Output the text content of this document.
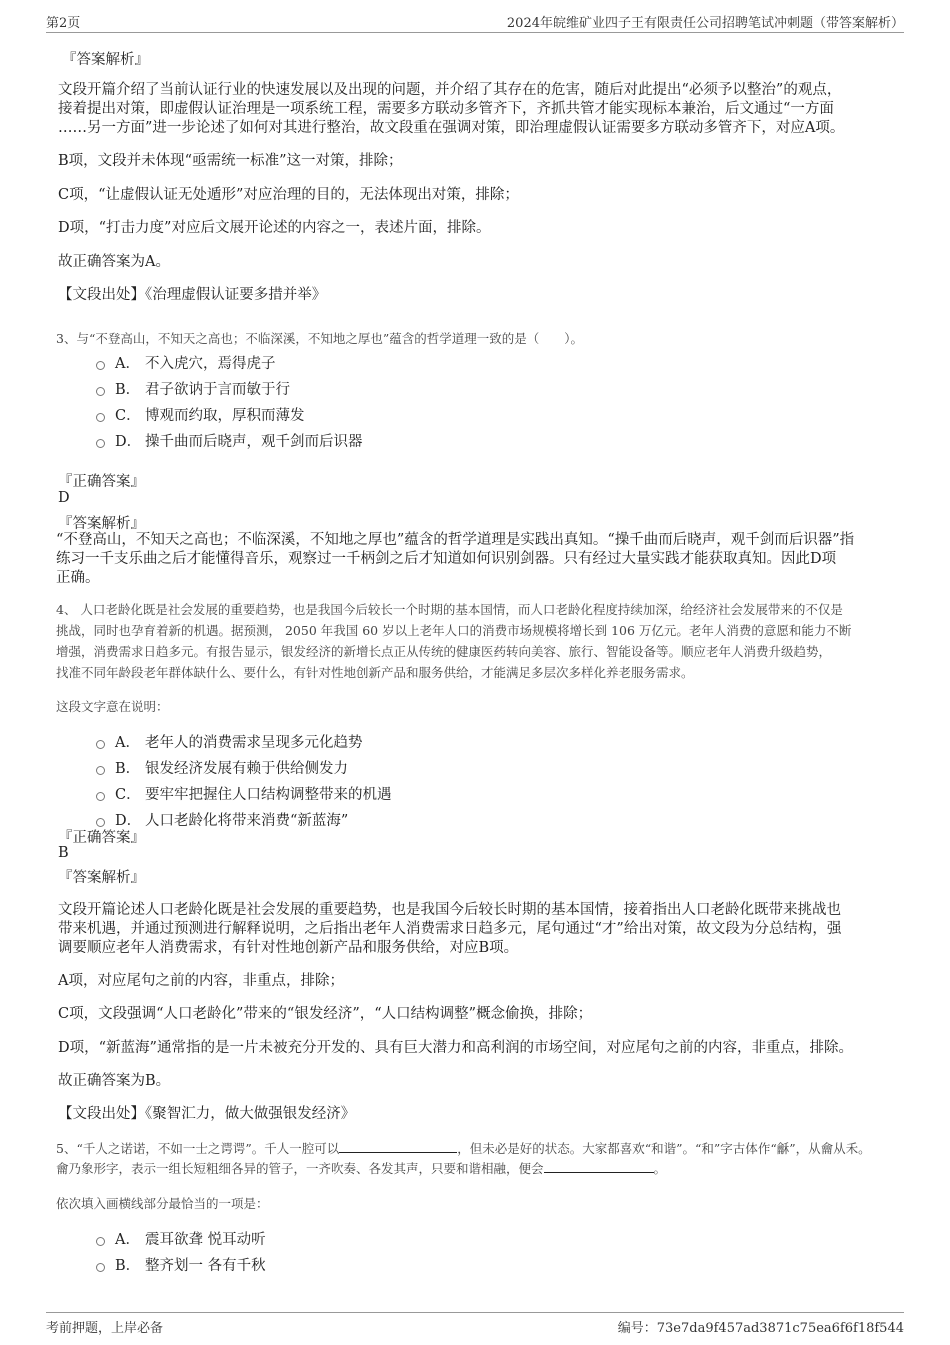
第2页	2024年皖维矿业四子王有限责任公司招聘笔试冲刺题（带答案解析）
『答案解析』
文段开篇介绍了当前认证行业的快速发展以及出现的问题，并介绍了其存在的危害，随后对此提出“必须予以整治”的观点，
接着提出对策，即虚假认证治理是一项系统工程，需要多方联动多管齐下，齐抓共管才能实现标本兼治，后文通过“一方面
……另一方面”进一步论述了如何对其进行整治，故文段重在强调对策，即治理虚假认证需要多方联动多管齐下，对应A项。
B项，文段并未体现“亟需统一标准”这一对策，排除；
C项，“让虚假认证无处遁形”对应治理的目的，无法体现出对策，排除；
D项，“打击力度”对应后文展开论述的内容之一，表述片面，排除。
故正确答案为A。
【文段出处】《治理虚假认证要多措并举》
3、与“不登高山，不知天之高也；不临深溪，不知地之厚也”蕴含的哲学道理一致的是（　　）。
A． 不入虎穴，焉得虎子
B． 君子欲讷于言而敏于行
C． 博观而约取，厚积而薄发
D． 操千曲而后晓声，观千剑而后识器
『正确答案』
D
『答案解析』
“不登高山，不知天之高也；不临深溪，不知地之厚也”蕴含的哲学道理是实践出真知。“操千曲而后晓声，观千剑而后识器”指
练习一千支乐曲之后才能懂得音乐，观察过一千柄剑之后才知道如何识别剑器。只有经过大量实践才能获取真知。因此D项
正确。
4、 人口老龄化既是社会发展的重要趋势，也是我国今后较长一个时期的基本国情，而人口老龄化程度持续加深，给经济社会发展带来的不仅是
挑战，同时也孕育着新的机遇。据预测， 2050 年我国 60 岁以上老年人口的消费市场规模将增长到 106 万亿元。老年人消费的意愿和能力不断
增强，消费需求日趋多元。有报告显示，银发经济的新增长点正从传统的健康医药转向美容、旅行、智能设备等。顺应老年人消费升级趋势，
找准不同年龄段老年群体缺什么、要什么，有针对性地创新产品和服务供给，才能满足多层次多样化养老服务需求。
这段文字意在说明：
A． 老年人的消费需求呈现多元化趋势
B． 银发经济发展有赖于供给侧发力
C． 要牢牢把握住人口结构调整带来的机遇
D． 人口老龄化将带来消费“新蓝海”
『正确答案』
B
『答案解析』
文段开篇论述人口老龄化既是社会发展的重要趋势，也是我国今后较长时期的基本国情，接着指出人口老龄化既带来挑战也
带来机遇，并通过预测进行解释说明，之后指出老年人消费需求日趋多元，尾句通过“才”给出对策，故文段为分总结构，强
调要顺应老年人消费需求，有针对性地创新产品和服务供给，对应B项。
A项，对应尾句之前的内容，非重点，排除；
C项，文段强调“人口老龄化”带来的“银发经济”，“人口结构调整”概念偷换，排除；
D项，“新蓝海”通常指的是一片未被充分开发的、具有巨大潜力和高利润的市场空间，对应尾句之前的内容，非重点，排除。
故正确答案为B。
【文段出处】《聚智汇力，做大做强银发经济》
5、“千人之诺诺，不如一士之谔谔”。千人一腔可以	，但未必是好的状态。大家都喜欢“和谐”。“和”字古体作“龢”，从龠从禾。
龠乃象形字，表示一组长短粗细各异的管子，一齐吹奏、各发其声，只要和谐相融，便会	。
依次填入画横线部分最恰当的一项是：
A． 震耳欲聋 悦耳动听
B． 整齐划一 各有千秋
考前押题，上岸必备	编号：73e7da9f457ad3871c75ea6f6f18f544
